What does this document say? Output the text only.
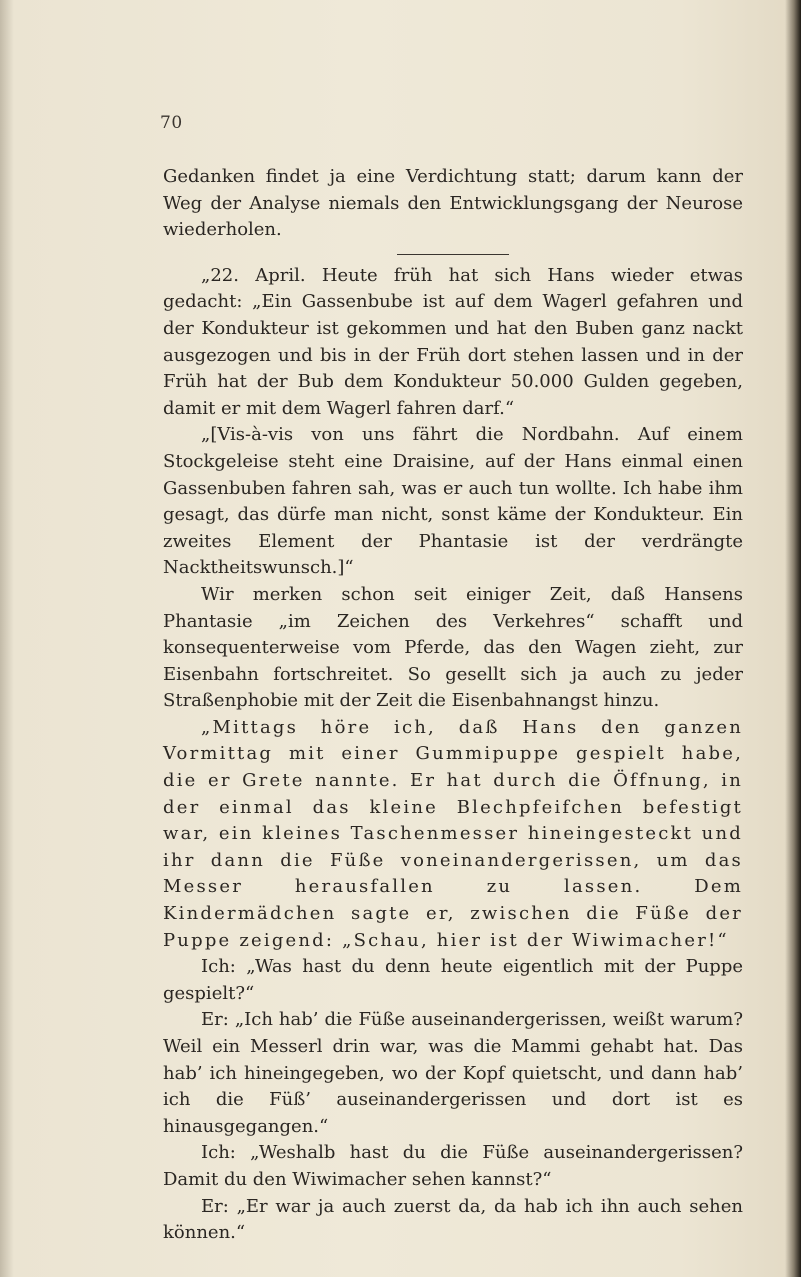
70

Gedanken findet ja eine Verdichtung statt; darum kann der Weg der Analyse niemals den Entwicklungsgang der Neurose wiederholen.

„22. April. Heute früh hat sich Hans wieder etwas gedacht: „Ein Gassenbube ist auf dem Wagerl gefahren und der Kondukteur ist gekommen und hat den Buben ganz nackt ausgezogen und bis in der Früh dort stehen lassen und in der Früh hat der Bub dem Kondukteur 50.000 Gulden gegeben, damit er mit dem Wagerl fahren darf.“

„[Vis-à-vis von uns fährt die Nordbahn. Auf einem Stockgeleise steht eine Draisine, auf der Hans einmal einen Gassenbuben fahren sah, was er auch tun wollte. Ich habe ihm gesagt, das dürfe man nicht, sonst käme der Kondukteur. Ein zweites Element der Phantasie ist der verdrängte Nacktheitswunsch.]“

Wir merken schon seit einiger Zeit, daß Hansens Phantasie „im Zeichen des Verkehres“ schafft und konsequenterweise vom Pferde, das den Wagen zieht, zur Eisenbahn fortschreitet. So gesellt sich ja auch zu jeder Straßenphobie mit der Zeit die Eisenbahnangst hinzu.

„Mittags höre ich, daß Hans den ganzen Vormittag mit einer Gummipuppe gespielt habe, die er Grete nannte. Er hat durch die Öffnung, in der einmal das kleine Blechpfeifchen befestigt war, ein kleines Taschenmesser hineingesteckt und ihr dann die Füße voneinandergerissen, um das Messer herausfallen zu lassen. Dem Kindermädchen sagte er, zwischen die Füße der Puppe zeigend: „Schau, hier ist der Wiwimacher!“

Ich: „Was hast du denn heute eigentlich mit der Puppe gespielt?“

Er: „Ich hab’ die Füße auseinandergerissen, weißt warum? Weil ein Messerl drin war, was die Mammi gehabt hat. Das hab’ ich hineingegeben, wo der Kopf quietscht, und dann hab’ ich die Füß’ auseinandergerissen und dort ist es hinausgegangen.“

Ich: „Weshalb hast du die Füße auseinandergerissen? Damit du den Wiwimacher sehen kannst?“

Er: „Er war ja auch zuerst da, da hab ich ihn auch sehen können.“
